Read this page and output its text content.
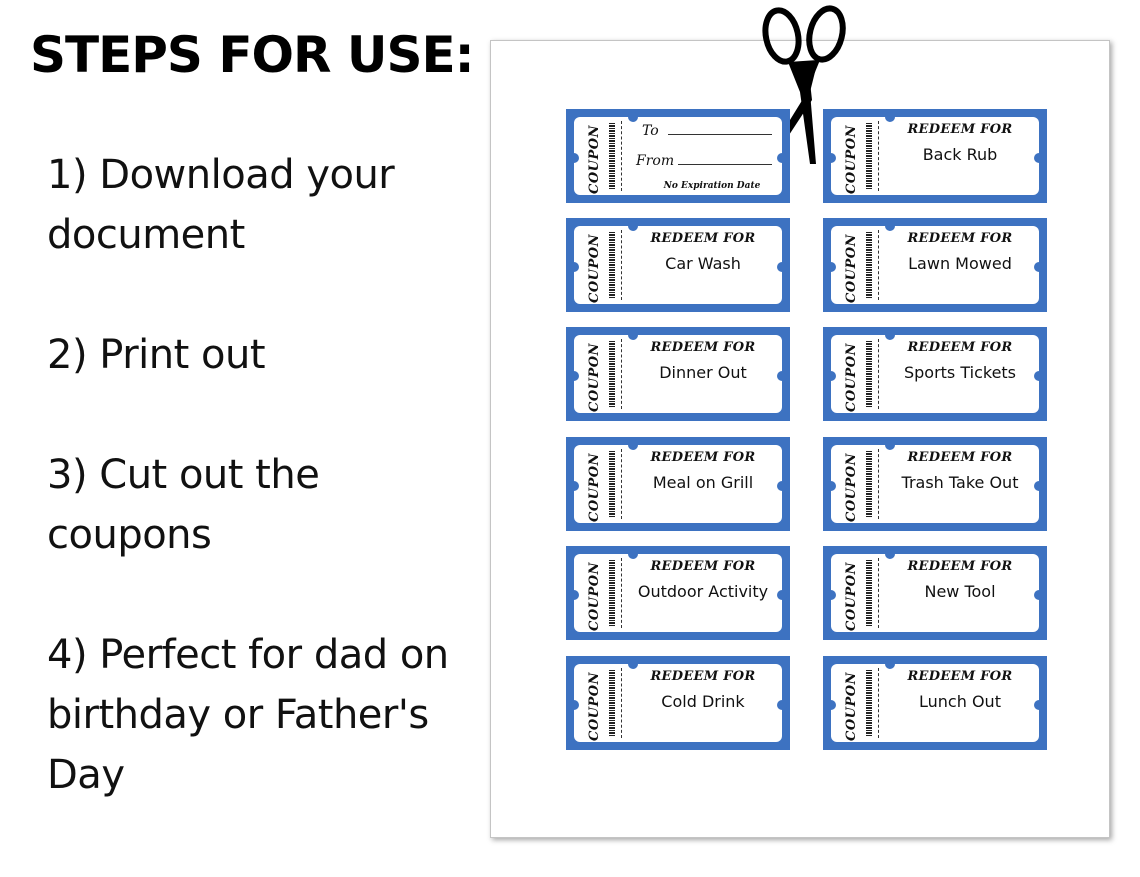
STEPS FOR USE:
1) Download your document
2) Print out
3) Cut out the coupons
4) Perfect for dad on birthday or Father's Day
COUPON	To
From
No Expiration Date	COUPON	REDEEM FOR
Back Rub
COUPON	REDEEM FOR
Car Wash	COUPON	REDEEM FOR
Lawn Mowed
COUPON	REDEEM FOR
Dinner Out	COUPON	REDEEM FOR
Sports Tickets
COUPON	REDEEM FOR
Meal on Grill	COUPON	REDEEM FOR
Trash Take Out
COUPON	REDEEM FOR
Outdoor Activity	COUPON	REDEEM FOR
New Tool
COUPON	REDEEM FOR
Cold Drink	COUPON	REDEEM FOR
Lunch Out
